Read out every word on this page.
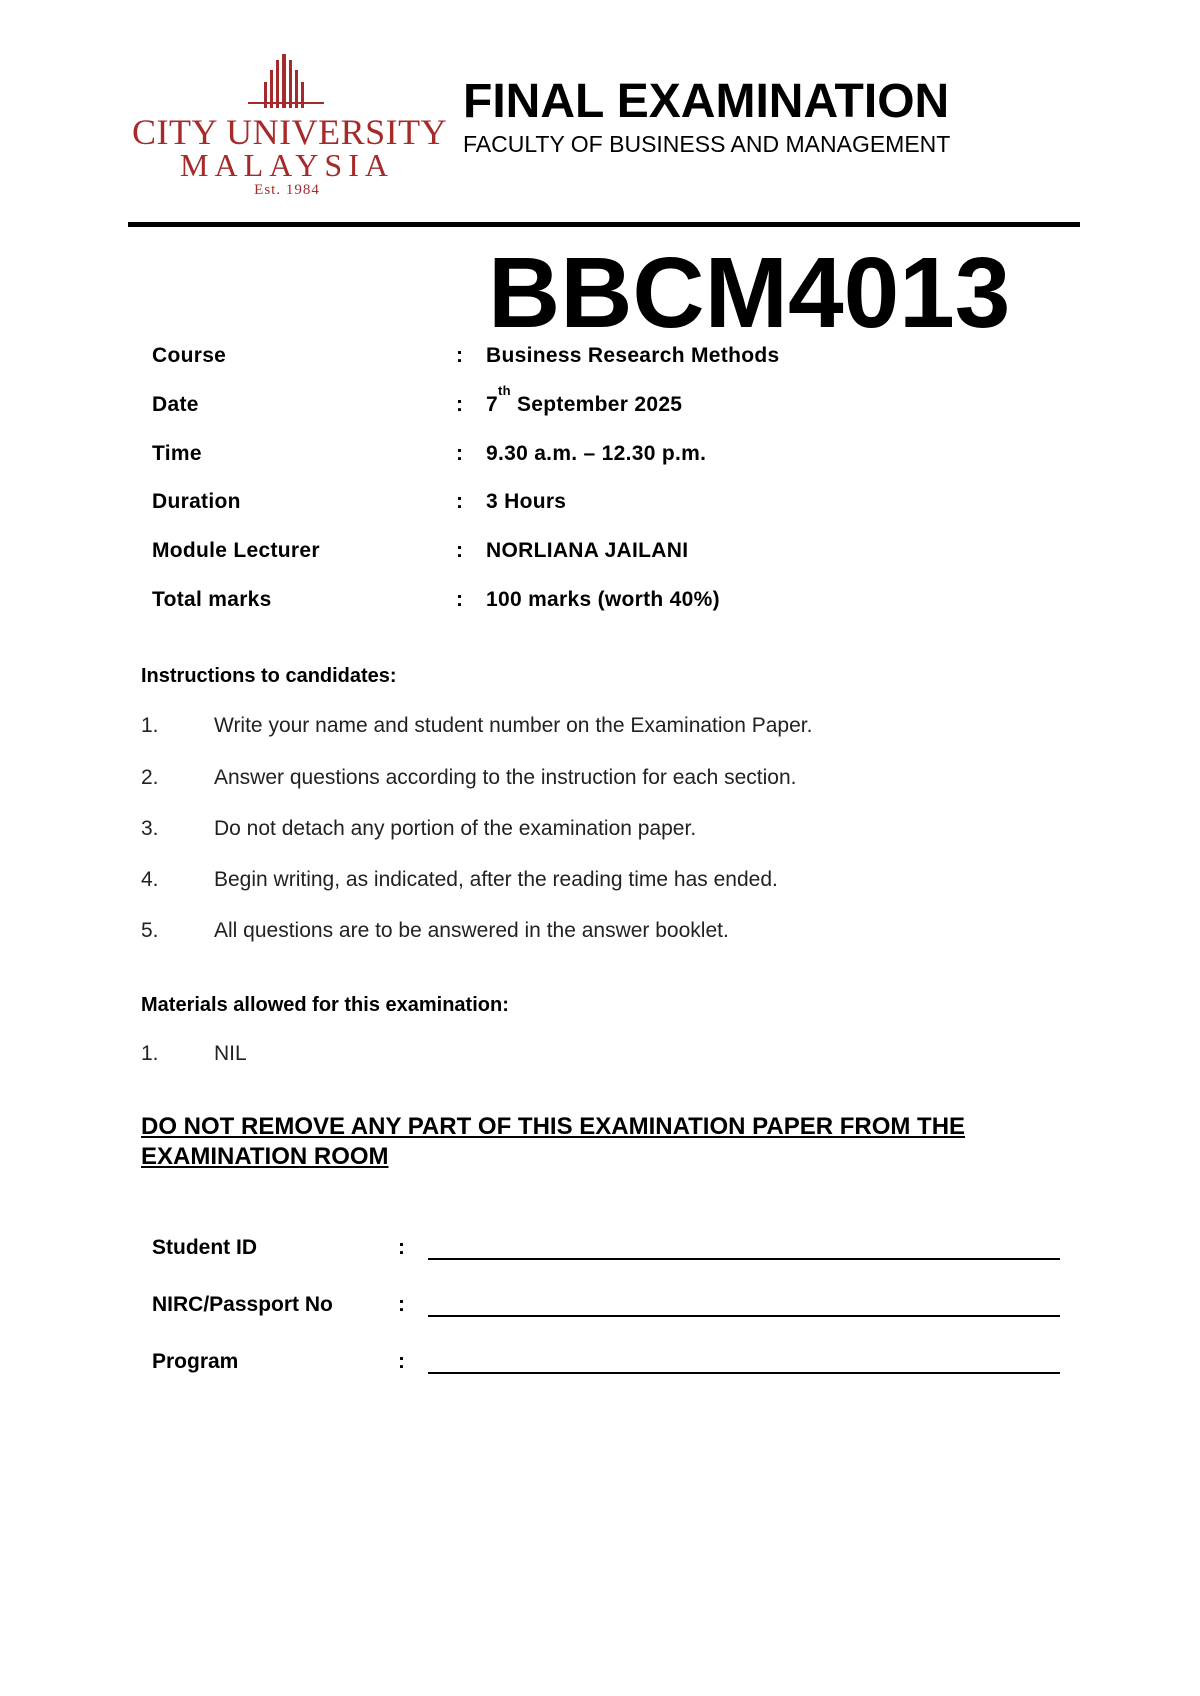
CITY UNIVERSITY
MALAYSIA
Est. 1984
FINAL EXAMINATION
FACULTY OF BUSINESS AND MANAGEMENT
BBCM4013
Course	: Business Research Methods
Date	: 7th September 2025
Time	: 9.30 a.m. – 12.30 p.m.
Duration	: 3 Hours
Module Lecturer	: NORLIANA JAILANI
Total marks	: 100 marks (worth 40%)
Instructions to candidates:
1.	Write your name and student number on the Examination Paper.
2.	Answer questions according to the instruction for each section.
3.	Do not detach any portion of the examination paper.
4.	Begin writing, as indicated, after the reading time has ended.
5.	All questions are to be answered in the answer booklet.
Materials allowed for this examination:
1.	NIL
DO NOT REMOVE ANY PART OF THIS EXAMINATION PAPER FROM THE EXAMINATION ROOM
Student ID	:
NIRC/Passport No	:
Program	:
